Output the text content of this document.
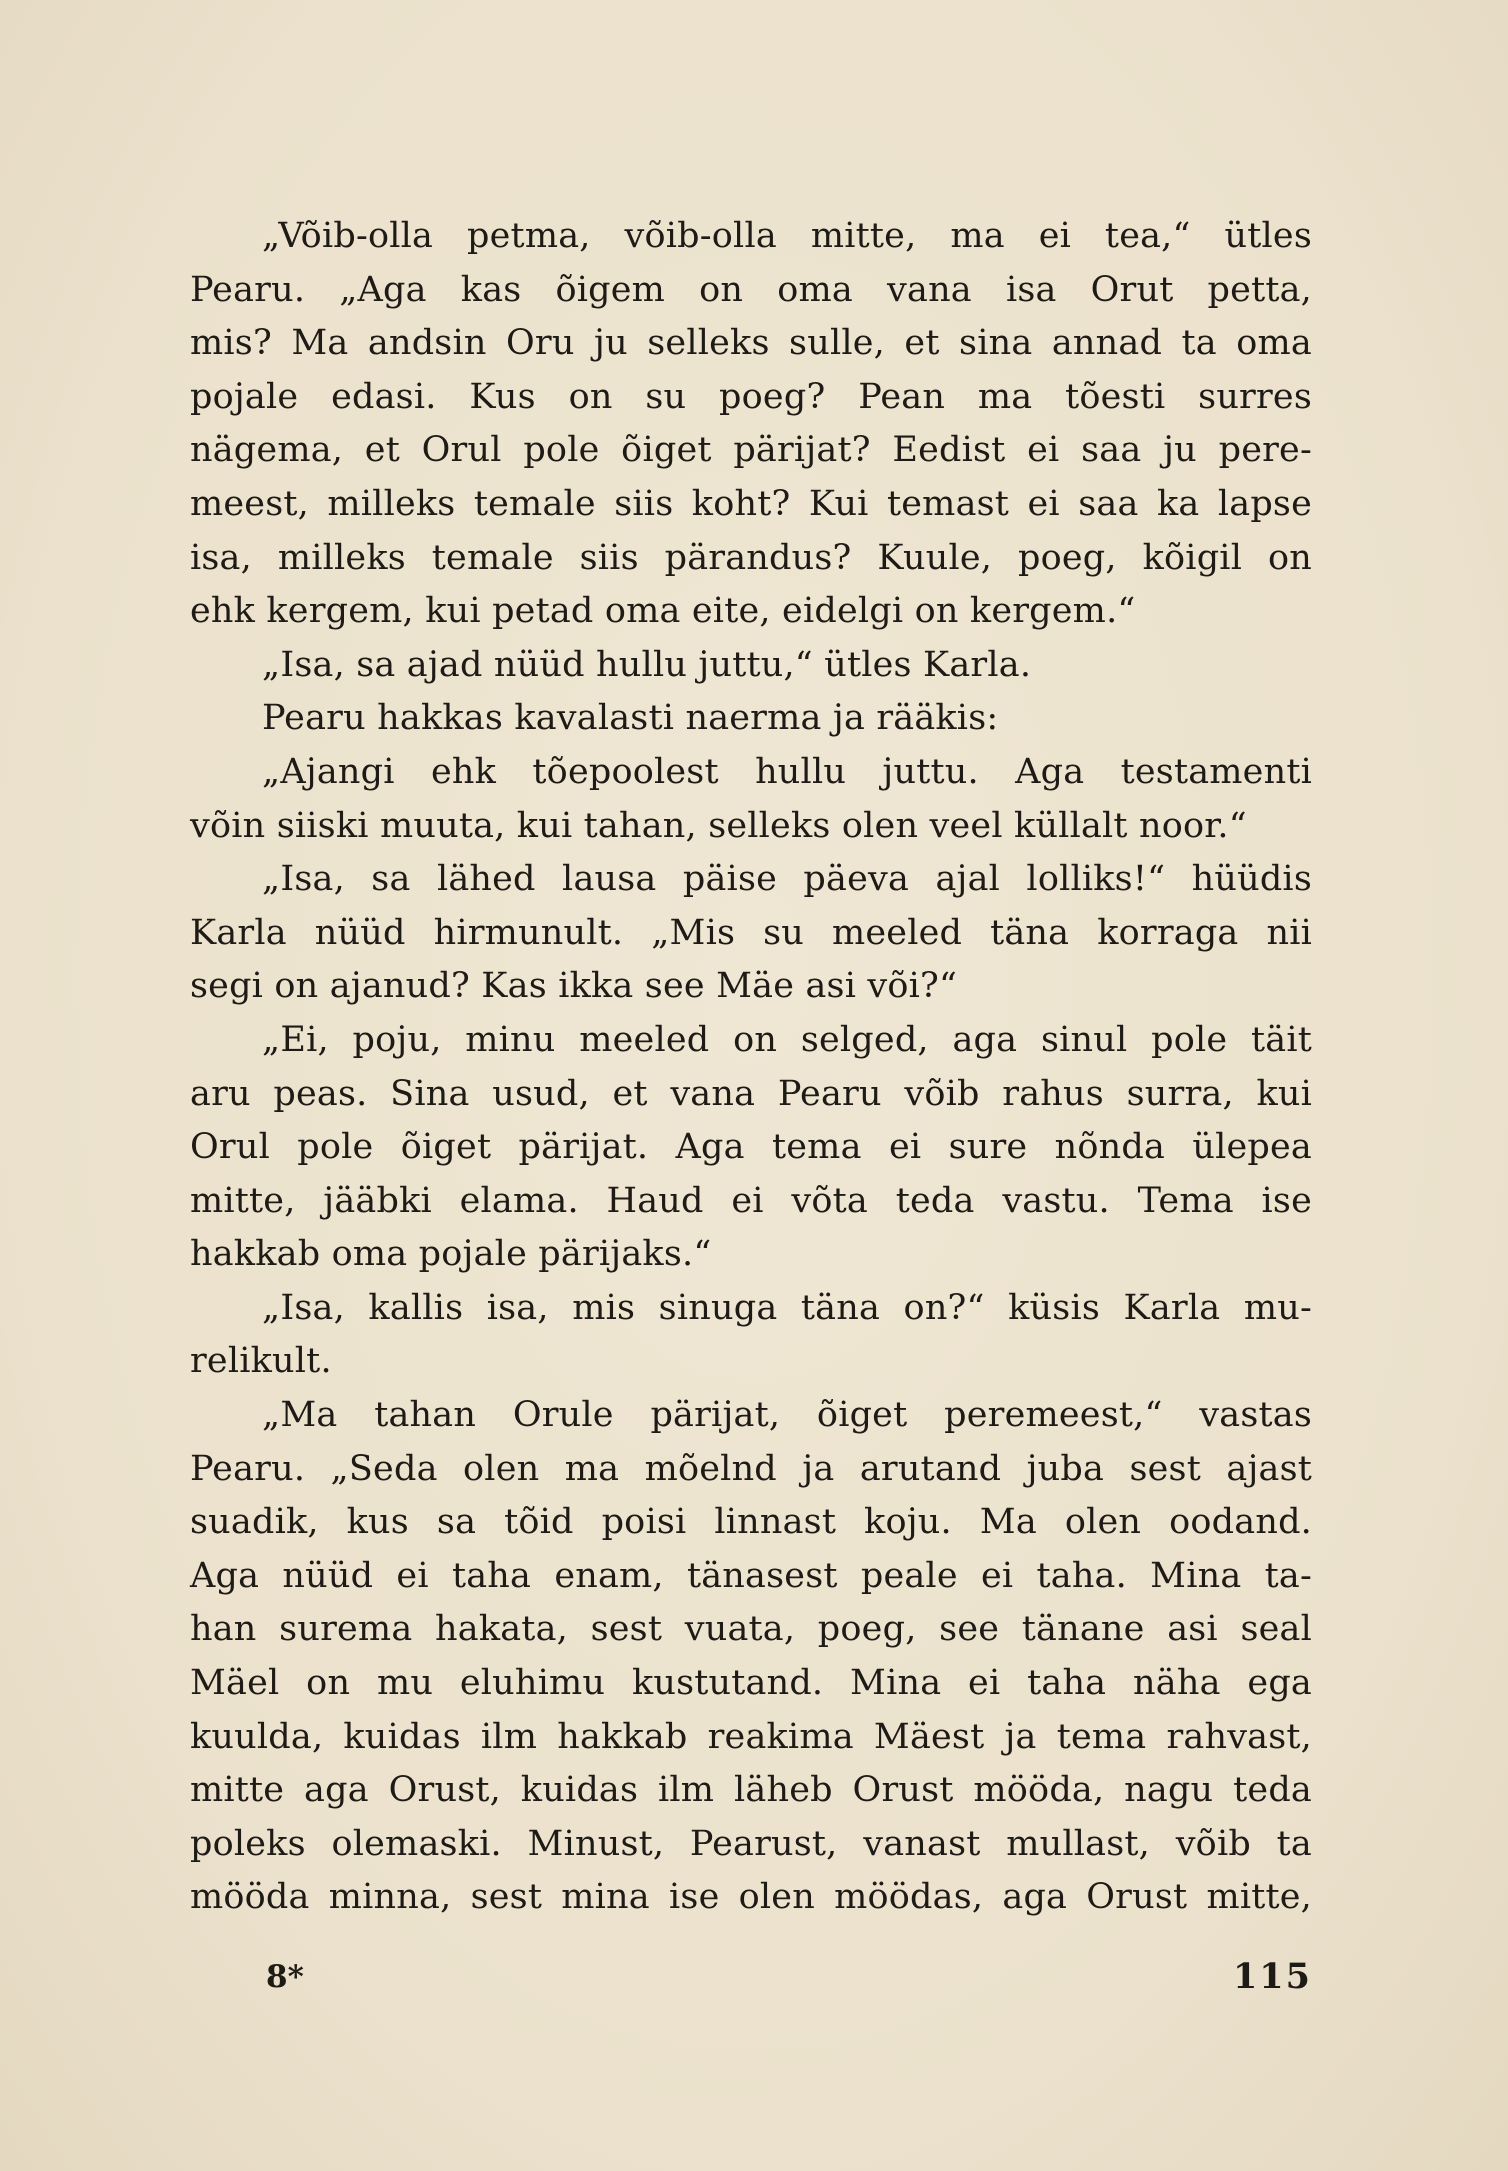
„Võib-olla petma, võib-olla mitte, ma ei tea,“ ütles
Pearu. „Aga kas õigem on oma vana isa Orut petta,
mis? Ma andsin Oru ju selleks sulle, et sina annad ta oma
pojale edasi. Kus on su poeg? Pean ma tõesti surres
nägema, et Orul pole õiget pärijat? Eedist ei saa ju pere-
meest, milleks temale siis koht? Kui temast ei saa ka lapse
isa, milleks temale siis pärandus? Kuule, poeg, kõigil on
ehk kergem, kui petad oma eite, eidelgi on kergem.“
„Isa, sa ajad nüüd hullu juttu,“ ütles Karla.
Pearu hakkas kavalasti naerma ja rääkis:
„Ajangi ehk tõepoolest hullu juttu. Aga testamenti
võin siiski muuta, kui tahan, selleks olen veel küllalt noor.“
„Isa, sa lähed lausa päise päeva ajal lolliks!“ hüüdis
Karla nüüd hirmunult. „Mis su meeled täna korraga nii
segi on ajanud? Kas ikka see Mäe asi või?“
„Ei, poju, minu meeled on selged, aga sinul pole täit
aru peas. Sina usud, et vana Pearu võib rahus surra, kui
Orul pole õiget pärijat. Aga tema ei sure nõnda ülepea
mitte, jääbki elama. Haud ei võta teda vastu. Tema ise
hakkab oma pojale pärijaks.“
„Isa, kallis isa, mis sinuga täna on?“ küsis Karla mu-
relikult.
„Ma tahan Orule pärijat, õiget peremeest,“ vastas
Pearu. „Seda olen ma mõelnd ja arutand juba sest ajast
suadik, kus sa tõid poisi linnast koju. Ma olen oodand.
Aga nüüd ei taha enam, tänasest peale ei taha. Mina ta-
han surema hakata, sest vuata, poeg, see tänane asi seal
Mäel on mu eluhimu kustutand. Mina ei taha näha ega
kuulda, kuidas ilm hakkab reakima Mäest ja tema rahvast,
mitte aga Orust, kuidas ilm läheb Orust mööda, nagu teda
poleks olemaski. Minust, Pearust, vanast mullast, võib ta
mööda minna, sest mina ise olen möödas, aga Orust mitte,
8*	115
